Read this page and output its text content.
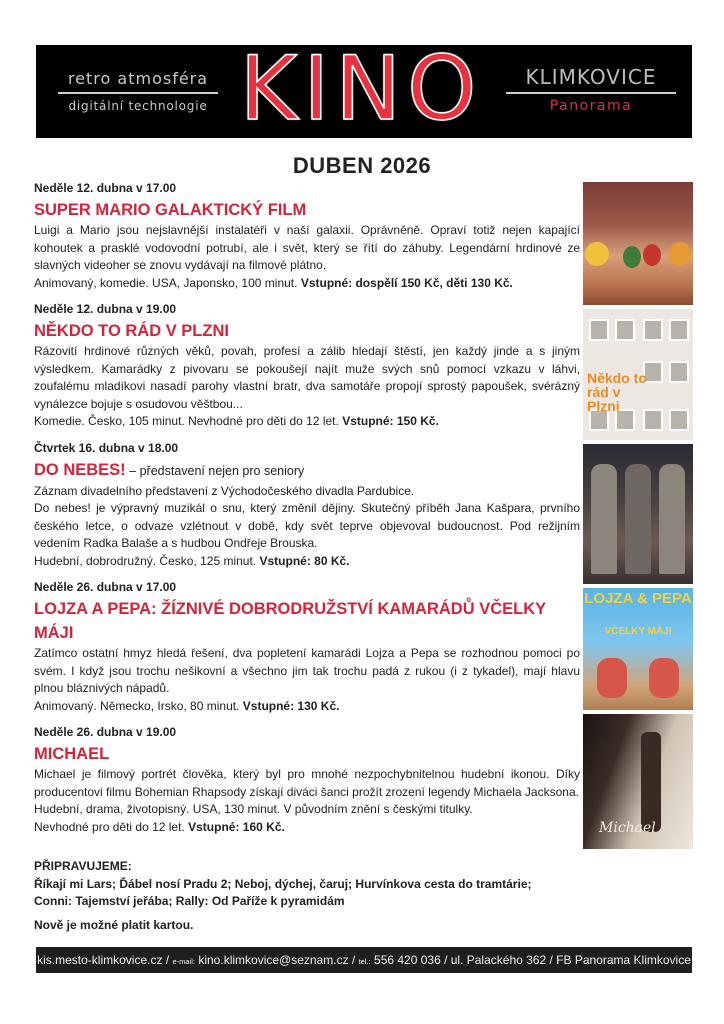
retro atmosféra
digitální technologie KINO	KLIMKOVICE
Panorama
DUBEN 2026
Neděle 12. dubna v 17.00
SUPER MARIO GALAKTICKÝ FILM
Luigi a Mario jsou nejslavnější instalatéři v naší galaxii. Oprávněně. Opraví totiž nejen kapající kohoutek a prasklé vodovodní potrubí, ale i svět, který se řítí do záhuby. Legendární hrdinové ze slavných videoher se znovu vydávají na filmové plátno.
Animovaný, komedie. USA, Japonsko, 100 minut. Vstupné: dospělí 150 Kč, děti 130 Kč.
Neděle 12. dubna v 19.00
NĚKDO TO RÁD V PLZNI
Rázovití hrdinové různých věků, povah, profesí a zálib hledají štěstí, jen každý jinde a s jiným výsledkem. Kamarádky z pivovaru se pokoušejí najít muže svých snů pomocí vzkazu v láhvi, zoufalému mladíkovi nasadí parohy vlastní bratr, dva samotáře propojí sprostý papoušek, svérázný vynálezce bojuje s osudovou věštbou...
Komedie. Česko, 105 minut. Nevhodné pro děti do 12 let. Vstupné: 150 Kč.
Čtvrtek 16. dubna v 18.00
DO NEBES! – představení nejen pro seniory
Záznam divadelního představení z Východočeského divadla Pardubice.
Do nebes! je výpravný muzikál o snu, který změnil dějiny. Skutečný příběh Jana Kašpara, prvního českého letce, o odvaze vzlétnout v době, kdy svět teprve objevoval budoucnost. Pod režijním vedením Radka Balaše a s hudbou Ondřeje Brouska.
Hudební, dobrodružný. Česko, 125 minut. Vstupné: 80 Kč.
Neděle 26. dubna v 17.00
LOJZA A PEPA: ŽÍZNIVÉ DOBRODRUŽSTVÍ KAMARÁDŮ VČELKY MÁJI
Zatímco ostatní hmyz hledá řešení, dva popletení kamarádi Lojza a Pepa se rozhodnou pomoci po svém. I když jsou trochu nešikovní a všechno jim tak trochu padá z rukou (i z tykadel), mají hlavu plnou bláznivých nápadů.
Animovaný. Německo, Irsko, 80 minut. Vstupné: 130 Kč.
Neděle 26. dubna v 19.00
MICHAEL
Michael je filmový portrét člověka, který byl pro mnohé nezpochybnitelnou hudební ikonou. Díky producentovi filmu Bohemian Rhapsody získají diváci šanci prožít zrození legendy Michaela Jacksona.
Hudební, drama, životopisný. USA, 130 minut. V původním znění s českými titulky.
Nevhodné pro děti do 12 let. Vstupné: 160 Kč.
Někdo to rád v Plzni
LOJZA & PEPA
VČELKY MÁJI
Michael
PŘIPRAVUJEME:
Říkají mi Lars; Ďábel nosí Pradu 2; Neboj, dýchej, čaruj; Hurvínkova cesta do tramtárie;
Conni: Tajemství jeřába; Rally: Od Paříže k pyramidám
Nově je možné platit kartou.
kis.mesto-klimkovice.cz / e-mail: kino.klimkovice@seznam.cz / tel.: 556 420 036 / ul. Palackého 362 / FB Panorama Klimkovice
